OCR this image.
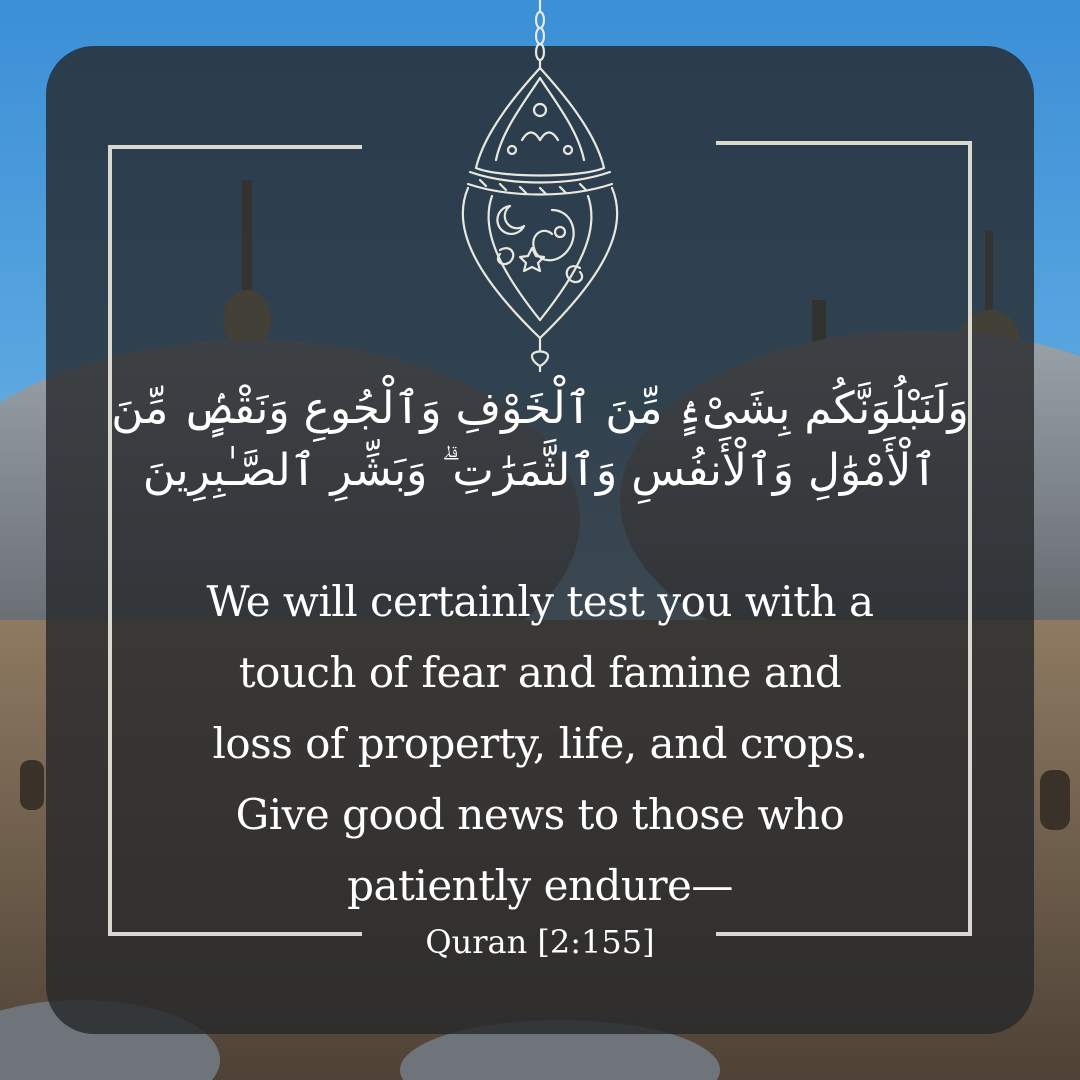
وَلَنَبْلُوَنَّكُم بِشَىْءٍۢ مِّنَ ٱلْخَوْفِ وَٱلْجُوعِ وَنَقْصٍۢ مِّنَ ٱلْأَمْوَٰلِ وَٱلْأَنفُسِ وَٱلثَّمَرَٰتِ ۗ وَبَشِّرِ ٱلصَّـٰبِرِينَ

We will certainly test you with a
touch of fear and famine and
loss of property, life, and crops.
Give good news to those who
patiently endure—

Quran [2:155]
